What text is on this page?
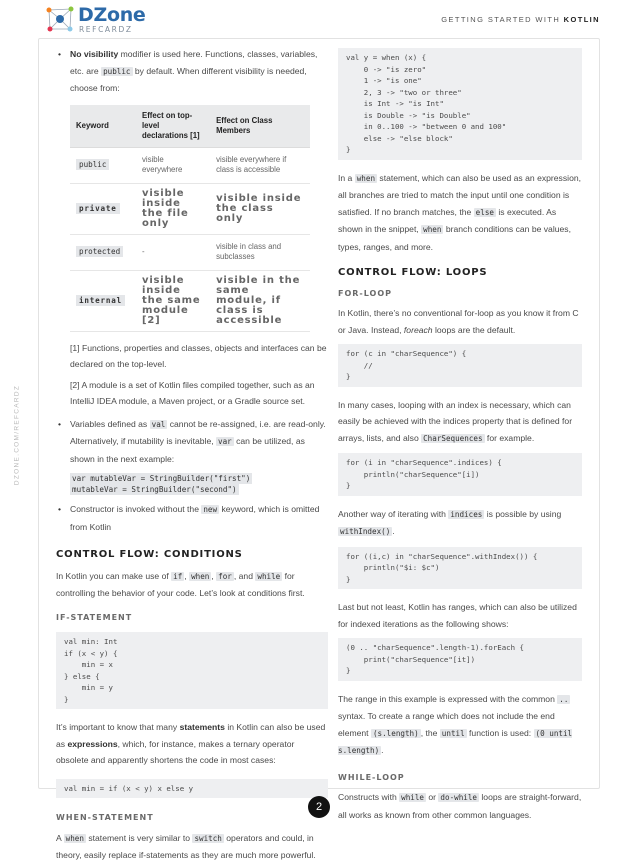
DZone
REFCARDZ
GETTING STARTED WITH KOTLIN
DZONE.COM/REFCARDZ
• No visibility modifier is used here. Functions, classes, variables, etc. are public by default. When different visibility is needed, choose from:
Keyword	Effect on top-level declarations [1]	Effect on Class Members
public	visible everywhere	visible everywhere if class is accessible
private	visible inside the file only	visible inside the class only
protected	-	visible in class and subclasses
internal	visible inside the same module [2]	visible in the same module, if class is accessible
[1] Functions, properties and classes, objects and interfaces can be declared on the top-level.
[2] A module is a set of Kotlin files compiled together, such as an IntelliJ IDEA module, a Maven project, or a Gradle source set.
• Variables defined as val cannot be re-assigned, i.e. are read-only. Alternatively, if mutability is inevitable, var can be utilized, as shown in the next example:
var mutableVar = StringBuilder("first")
mutableVar = StringBuilder("second")
• Constructor is invoked without the new keyword, which is omitted from Kotlin
CONTROL FLOW: CONDITIONS
In Kotlin you can make use of if , when , for , and while for controlling the behavior of your code. Let’s look at conditions first.
IF-STATEMENT
val min: Int
if (x < y) {
min = x
} else {
min = y
}
It’s important to know that many statements in Kotlin can also be used as expressions, which, for instance, makes a ternary operator obsolete and apparently shortens the code in most cases:
val min = if (x < y) x else y
WHEN-STATEMENT
A when statement is very similar to switch operators and could, in theory, easily replace if-statements as they are much more powerful.
val y = when (x) {
0 -> "is zero"
1 -> "is one"
2, 3 -> "two or three"
is Int -> "is Int"
is Double -> "is Double"
in 0..100 -> "between 0 and 100"
else -> "else block"
}
In a when statement, which can also be used as an expression, all branches are tried to match the input until one condition is satisfied. If no branch matches, the else is executed. As shown in the snippet, when branch conditions can be values, types, ranges, and more.
CONTROL FLOW: LOOPS
FOR-LOOP
In Kotlin, there’s no conventional for-loop as you know it from C or Java. Instead, foreach loops are the default.
for (c in "charSequence") {
//
}
In many cases, looping with an index is necessary, which can easily be achieved with the indices property that is defined for arrays, lists, and also CharSequences for example.
for (i in "charSequence".indices) {
println("charSequence"[i])
}
Another way of iterating with indices is possible by using withIndex() .
for ((i,c) in "charSequence".withIndex()) {
println("$i: $c")
}
Last but not least, Kotlin has ranges, which can also be utilized for indexed iterations as the following shows:
(0 .. "charSequence".length-1).forEach {
print("charSequence"[it])
}
The range in this example is expressed with the common .. syntax. To create a range which does not include the end element (s.length) , the until function is used: (0 until s.length) .
WHILE-LOOP
Constructs with while or do-while loops are straight-forward, all works as known from other common languages.
2
